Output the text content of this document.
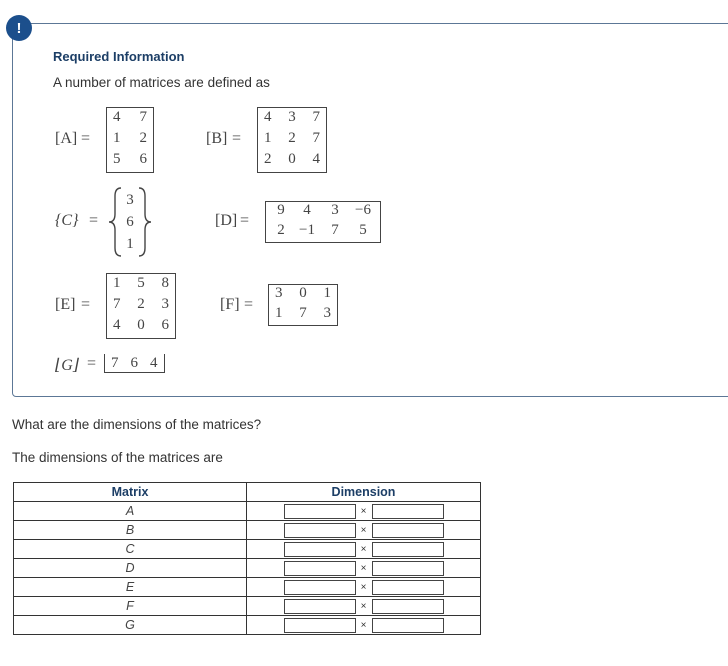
!
Required Information
A number of matrices are defined as
[A] =
4 7
1 2
5 6
[B] =
4 3 7
1 2 7
2 0 4
{C} =
3
6
1
[D] =
9	4	3	−6
2 −1	7	5
[E] =
1 5 8
7 2 3
4 0 6
[F] =
3 0 1
1 7 3
⌊G⌋ = 7 6 4
What are the dimensions of the matrices?
The dimensions of the matrices are
Matrix	Dimension
A	×

B	×

C	×

D	×

E	×

F	×

G	×
